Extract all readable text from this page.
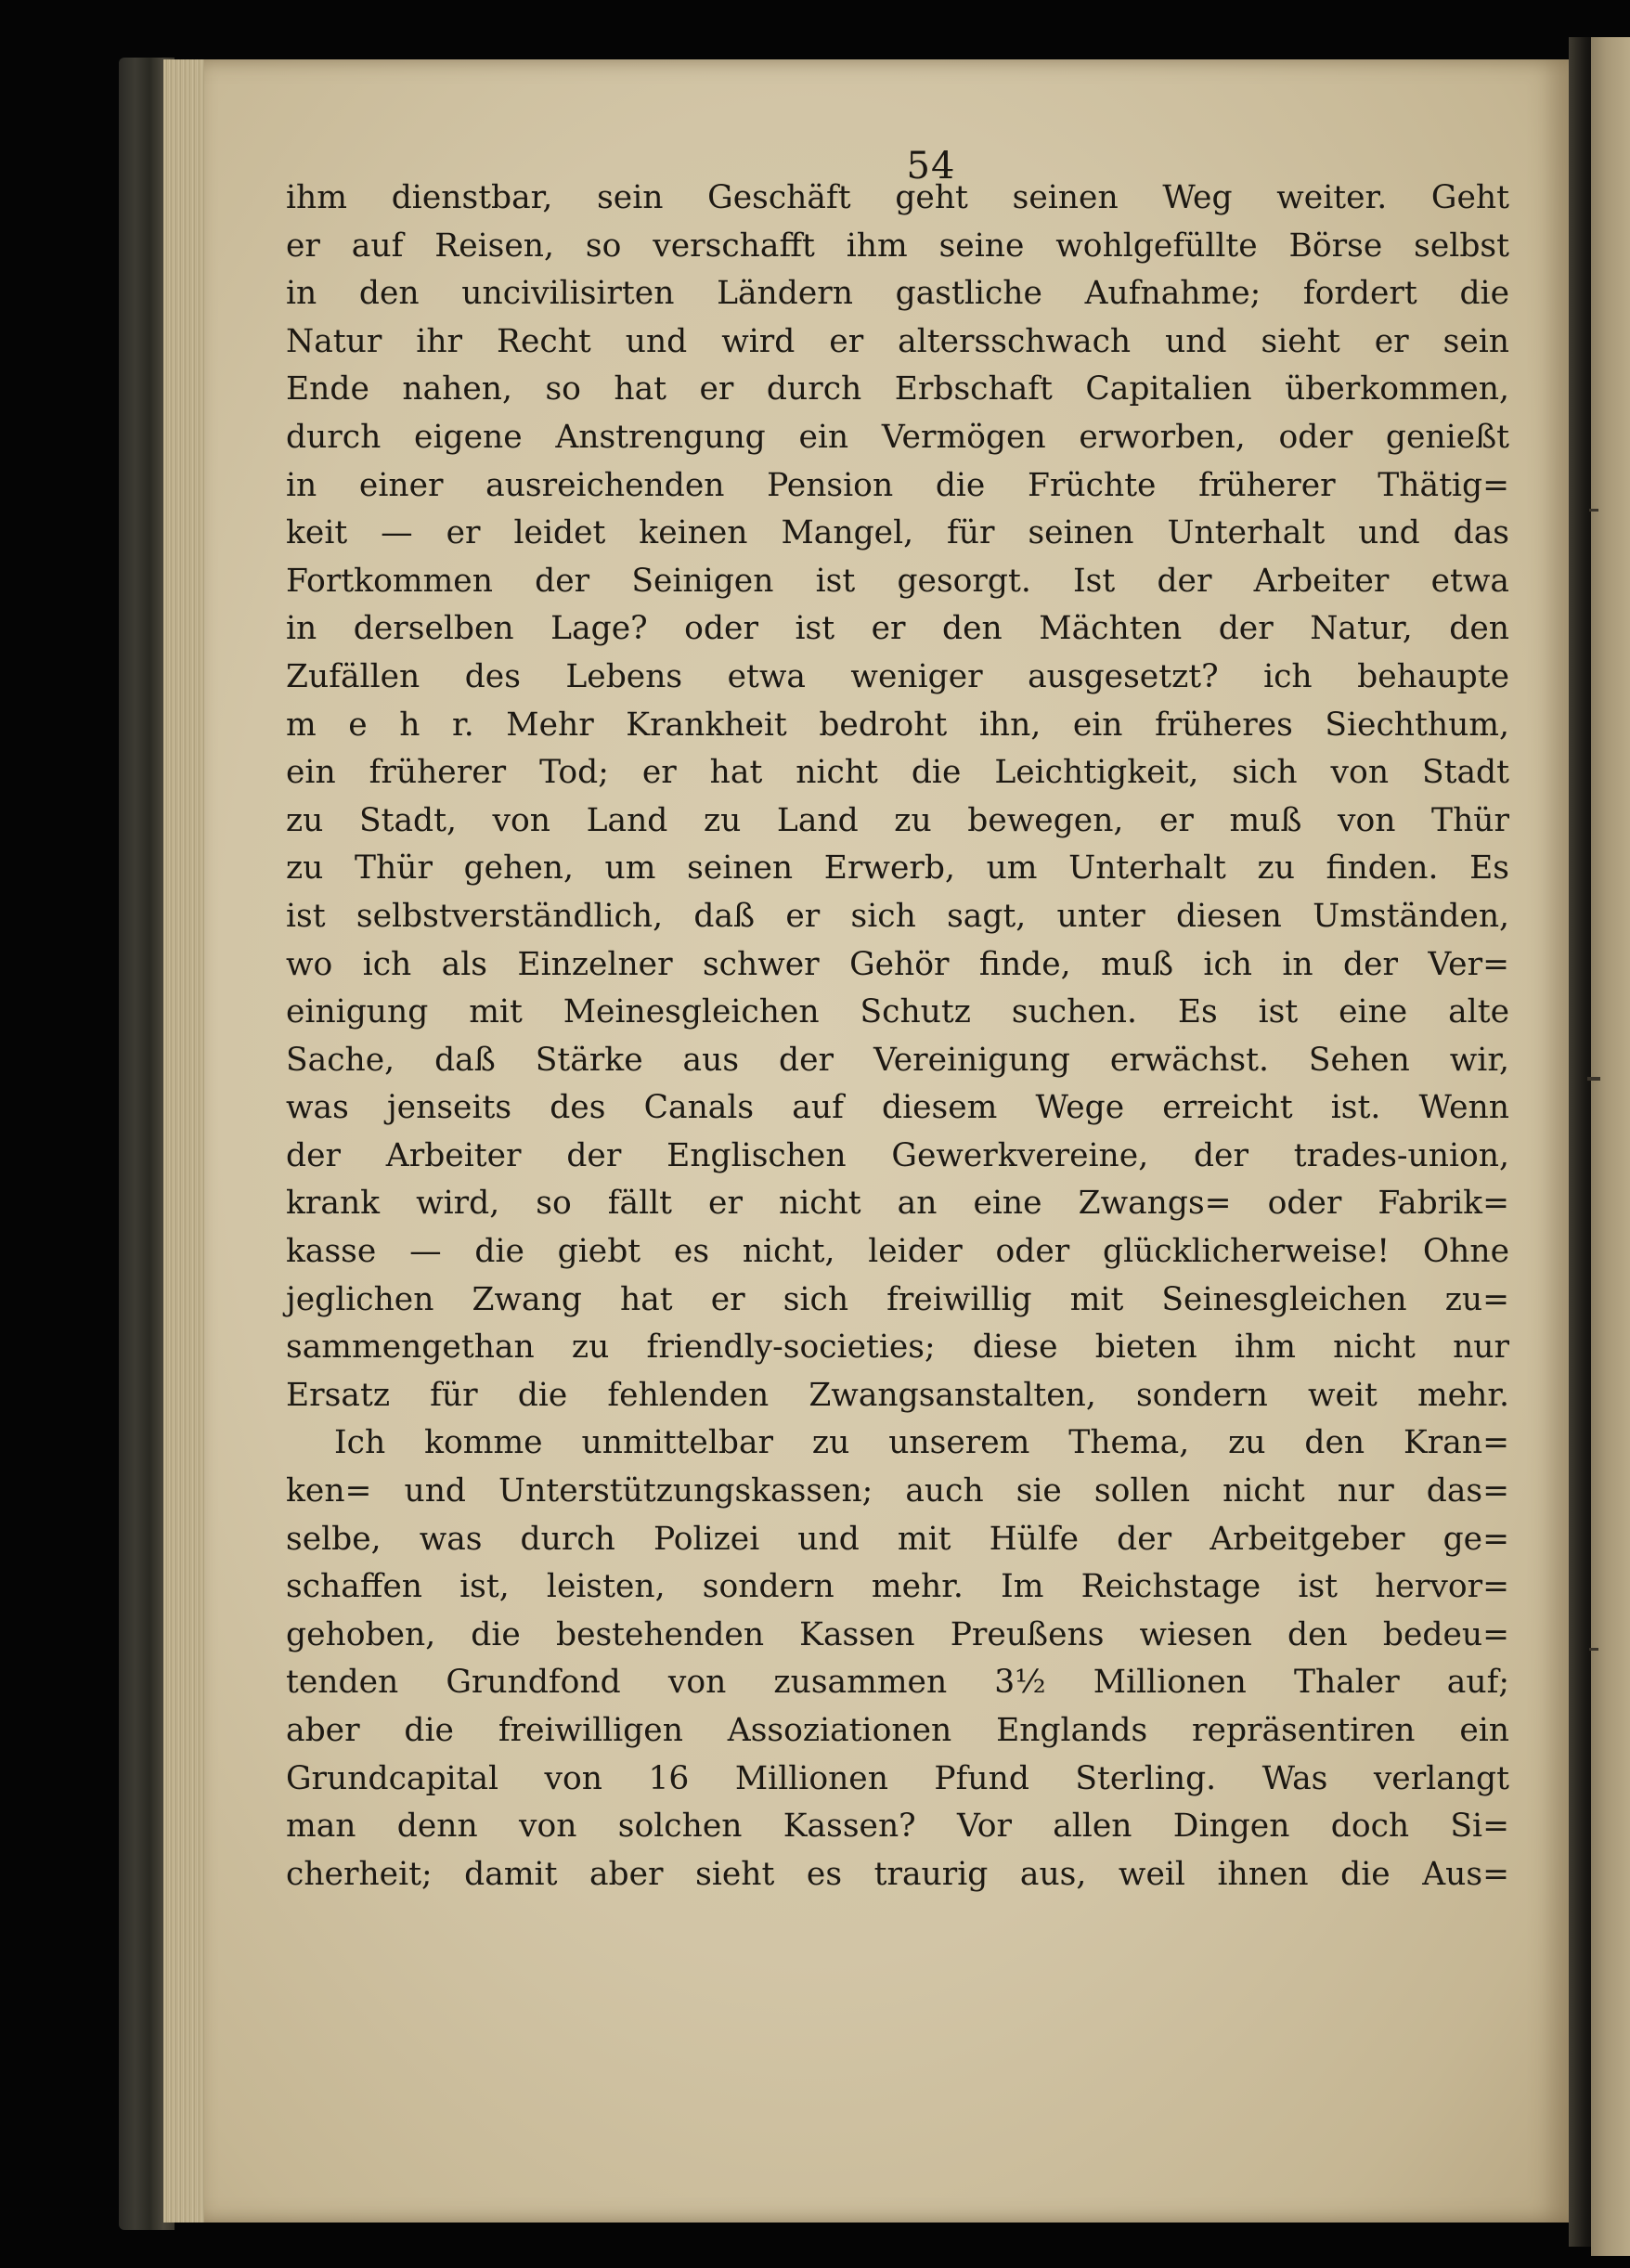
54
ihm dienstbar, sein Geschäft geht seinen Weg weiter. Geht
er auf Reisen, so verschafft ihm seine wohlgefüllte Börse selbst
in den uncivilisirten Ländern gastliche Aufnahme; fordert die
Natur ihr Recht und wird er altersschwach und sieht er sein
Ende nahen, so hat er durch Erbschaft Capitalien überkommen,
durch eigene Anstrengung ein Vermögen erworben, oder genießt
in einer ausreichenden Pension die Früchte früherer Thätig=
keit — er leidet keinen Mangel, für seinen Unterhalt und das
Fortkommen der Seinigen ist gesorgt. Ist der Arbeiter etwa
in derselben Lage? oder ist er den Mächten der Natur, den
Zufällen des Lebens etwa weniger ausgesetzt? ich behaupte
m e h r. Mehr Krankheit bedroht ihn, ein früheres Siechthum,
ein früherer Tod; er hat nicht die Leichtigkeit, sich von Stadt
zu Stadt, von Land zu Land zu bewegen, er muß von Thür
zu Thür gehen, um seinen Erwerb, um Unterhalt zu finden. Es
ist selbstverständlich, daß er sich sagt, unter diesen Umständen,
wo ich als Einzelner schwer Gehör finde, muß ich in der Ver=
einigung mit Meinesgleichen Schutz suchen. Es ist eine alte
Sache, daß Stärke aus der Vereinigung erwächst. Sehen wir,
was jenseits des Canals auf diesem Wege erreicht ist. Wenn
der Arbeiter der Englischen Gewerkvereine, der trades-union,
krank wird, so fällt er nicht an eine Zwangs= oder Fabrik=
kasse — die giebt es nicht, leider oder glücklicherweise! Ohne
jeglichen Zwang hat er sich freiwillig mit Seinesgleichen zu=
sammengethan zu friendly-societies; diese bieten ihm nicht nur
Ersatz für die fehlenden Zwangsanstalten, sondern weit mehr.
Ich komme unmittelbar zu unserem Thema, zu den Kran=
ken= und Unterstützungskassen; auch sie sollen nicht nur das=
selbe, was durch Polizei und mit Hülfe der Arbeitgeber ge=
schaffen ist, leisten, sondern mehr. Im Reichstage ist hervor=
gehoben, die bestehenden Kassen Preußens wiesen den bedeu=
tenden Grundfond von zusammen 3½ Millionen Thaler auf;
aber die freiwilligen Assoziationen Englands repräsentiren ein
Grundcapital von 16 Millionen Pfund Sterling. Was verlangt
man denn von solchen Kassen? Vor allen Dingen doch Si=
cherheit; damit aber sieht es traurig aus, weil ihnen die Aus=
